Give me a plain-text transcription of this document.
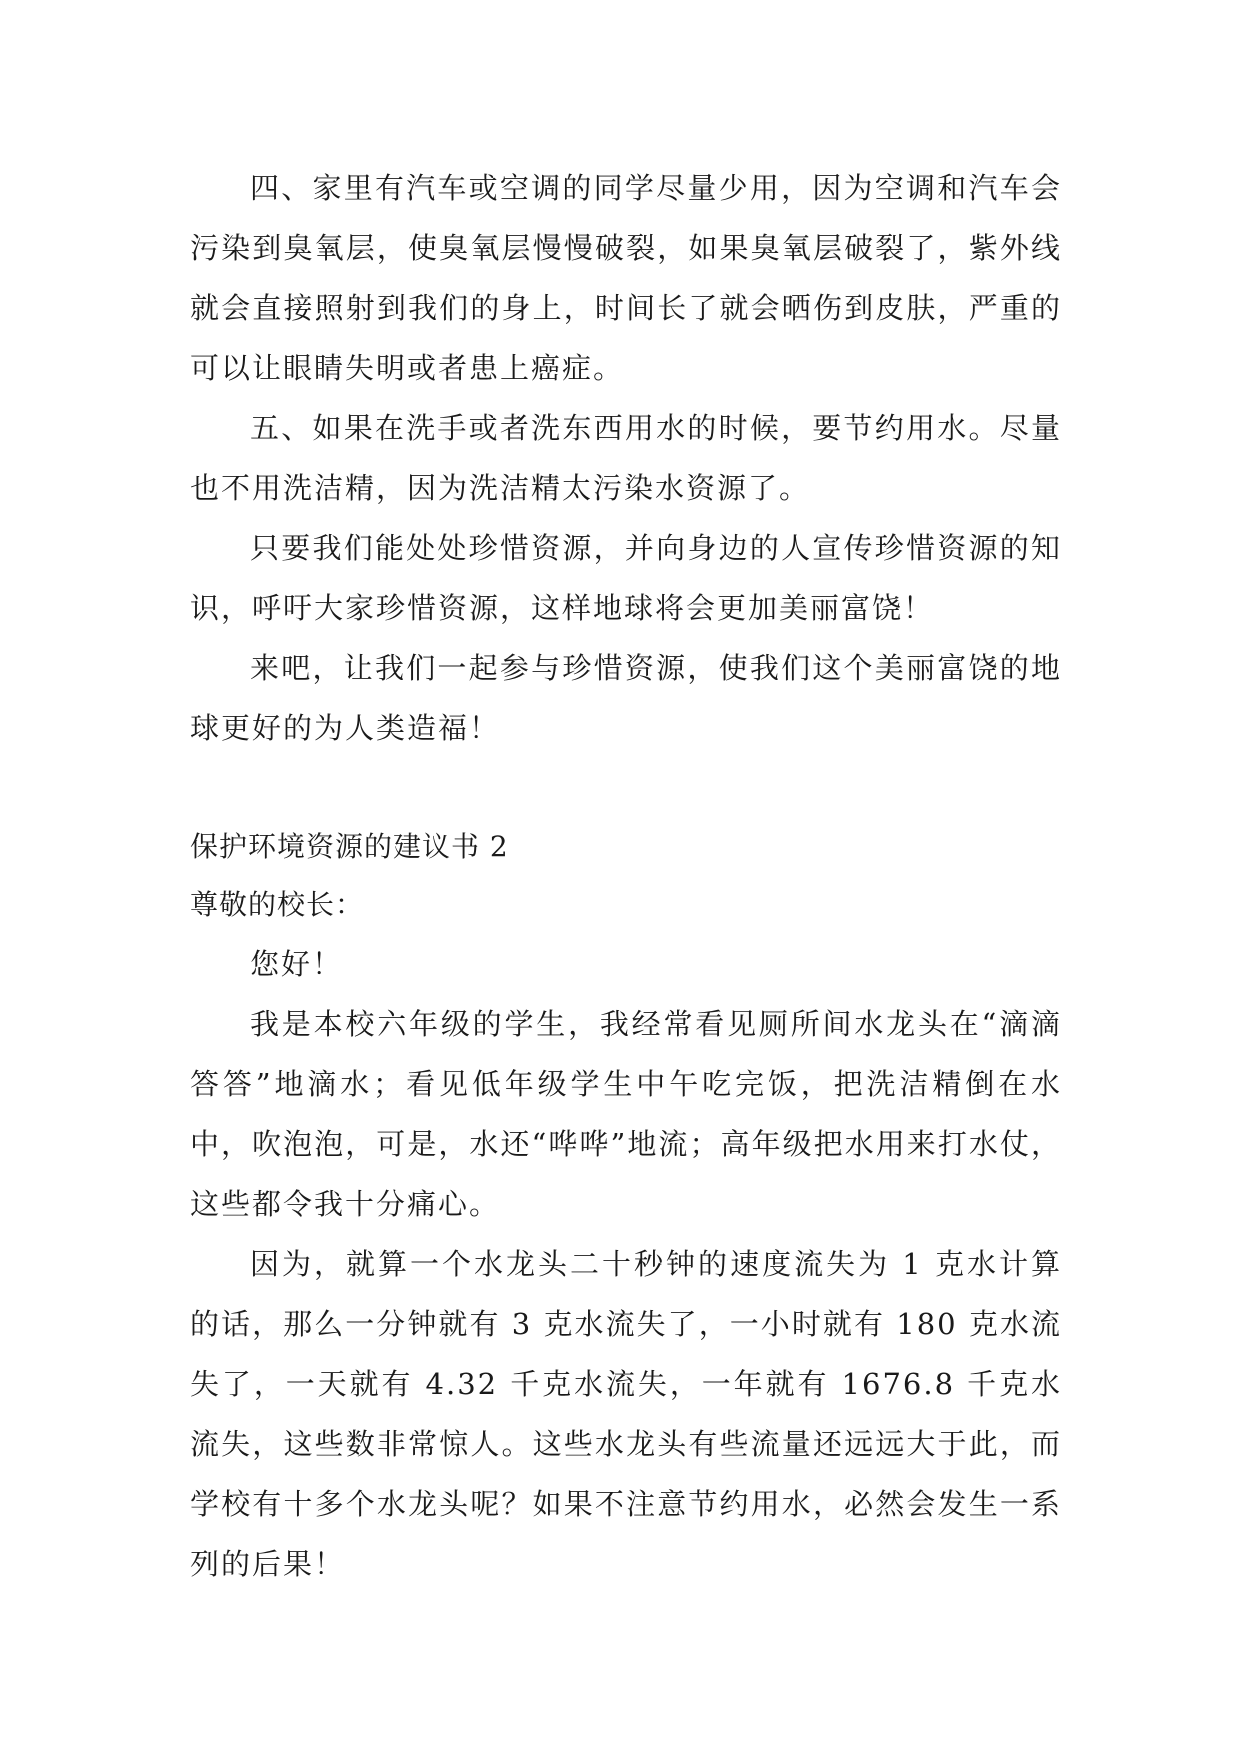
四、家里有汽车或空调的同学尽量少用，因为空调和汽车会污染到臭氧层，使臭氧层慢慢破裂，如果臭氧层破裂了，紫外线就会直接照射到我们的身上，时间长了就会晒伤到皮肤，严重的可以让眼睛失明或者患上癌症。

五、如果在洗手或者洗东西用水的时候，要节约用水。尽量也不用洗洁精，因为洗洁精太污染水资源了。

只要我们能处处珍惜资源，并向身边的人宣传珍惜资源的知识，呼吁大家珍惜资源，这样地球将会更加美丽富饶！

来吧，让我们一起参与珍惜资源，使我们这个美丽富饶的地球更好的为人类造福！

保护环境资源的建议书 2

尊敬的校长：

您好！

我是本校六年级的学生，我经常看见厕所间水龙头在“滴滴答答”地滴水；看见低年级学生中午吃完饭，把洗洁精倒在水中，吹泡泡，可是，水还“哗哗”地流；高年级把水用来打水仗，这些都令我十分痛心。

因为，就算一个水龙头二十秒钟的速度流失为 1 克水计算的话，那么一分钟就有 3 克水流失了，一小时就有 180 克水流失了，一天就有 4.32 千克水流失，一年就有 1676.8 千克水流失，这些数非常惊人。这些水龙头有些流量还远远大于此，而学校有十多个水龙头呢？如果不注意节约用水，必然会发生一系列的后果！
